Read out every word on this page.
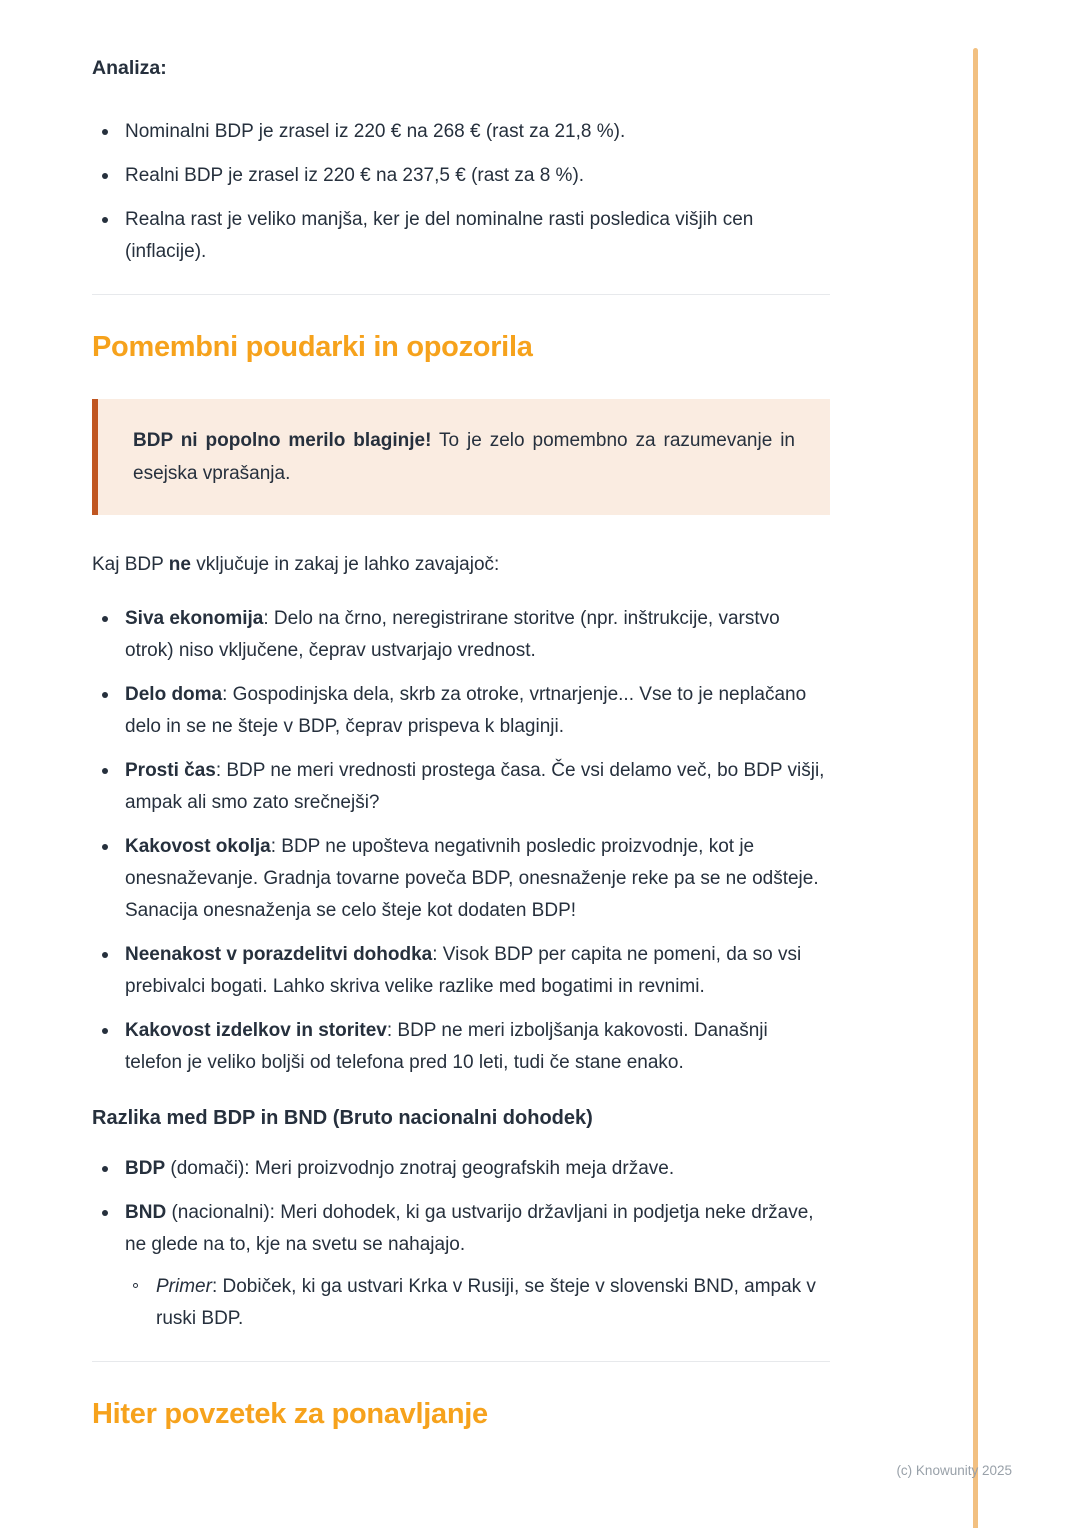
Analiza:
Nominalni BDP je zrasel iz 220 € na 268 € (rast za 21,8 %).
Realni BDP je zrasel iz 220 € na 237,5 € (rast za 8 %).
Realna rast je veliko manjša, ker je del nominalne rasti posledica višjih cen (inflacije).
Pomembni poudarki in opozorila

BDP ni popolno merilo blaginje! To je zelo pomembno za razumevanje in esejska vprašanja.

Kaj BDP ne vključuje in zakaj je lahko zavajajoč:

Siva ekonomija: Delo na črno, neregistrirane storitve (npr. inštrukcije, varstvo otrok) niso vključene, čeprav ustvarjajo vrednost.
Delo doma: Gospodinjska dela, skrb za otroke, vrtnarjenje... Vse to je neplačano delo in se ne šteje v BDP, čeprav prispeva k blaginji.
Prosti čas: BDP ne meri vrednosti prostega časa. Če vsi delamo več, bo BDP višji, ampak ali smo zato srečnejši?
Kakovost okolja: BDP ne upošteva negativnih posledic proizvodnje, kot je onesnaževanje. Gradnja tovarne poveča BDP, onesnaženje reke pa se ne odšteje. Sanacija onesnaženja se celo šteje kot dodaten BDP!
Neenakost v porazdelitvi dohodka: Visok BDP per capita ne pomeni, da so vsi prebivalci bogati. Lahko skriva velike razlike med bogatimi in revnimi.
Kakovost izdelkov in storitev: BDP ne meri izboljšanja kakovosti. Današnji telefon je veliko boljši od telefona pred 10 leti, tudi če stane enako.
Razlika med BDP in BND (Bruto nacionalni dohodek)
BDP (domači): Meri proizvodnjo znotraj geografskih meja države.
BND (nacionalni): Meri dohodek, ki ga ustvarijo državljani in podjetja neke države, ne glede na to, kje na svetu se nahajajo.
Primer: Dobiček, ki ga ustvari Krka v Rusiji, se šteje v slovenski BND, ampak v ruski BDP.
Hiter povzetek za ponavljanje
(c) Knowunity 2025
